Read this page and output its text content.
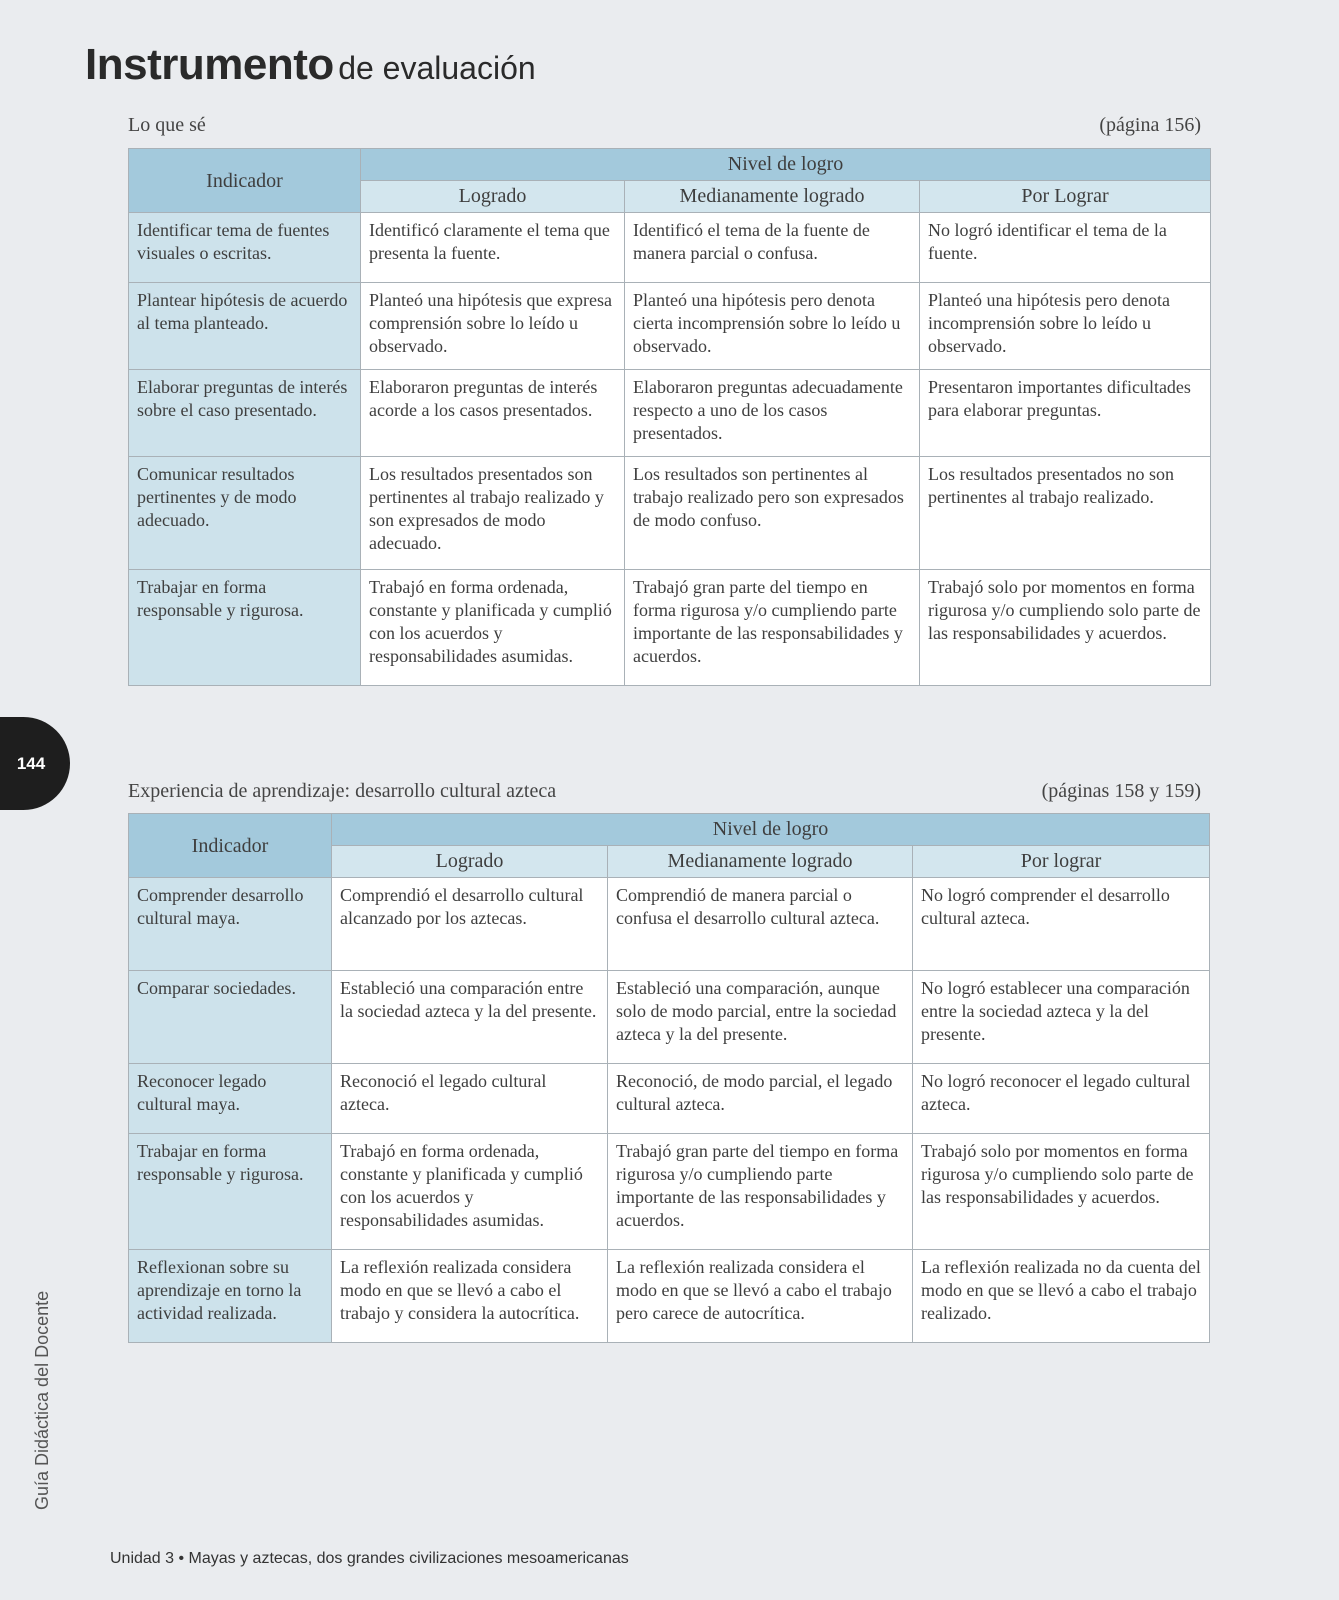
Instrumento de evaluación
Lo que sé	(página 156)
Indicador	Nivel de logro		
	Logrado	Medianamente logrado	Por Lograr
Identificar tema de fuentes visuales o escritas.	Identificó claramente el tema que presenta la fuente.	Identificó el tema de la fuente de manera parcial o confusa.	No logró identificar el tema de la fuente.
Plantear hipótesis de acuerdo al tema planteado.	Planteó una hipótesis que expresa comprensión sobre lo leído u observado.	Planteó una hipótesis pero denota cierta incomprensión sobre lo leído u observado.	Planteó una hipótesis pero denota incomprensión sobre lo leído u observado.
Elaborar preguntas de interés sobre el caso presentado.	Elaboraron preguntas de interés acorde a los casos presentados.	Elaboraron preguntas adecuadamente respecto a uno de los casos presentados.	Presentaron importantes dificultades para elaborar preguntas.
Comunicar resultados pertinentes y de modo adecuado.	Los resultados presentados son pertinentes al trabajo realizado y son expresados de modo adecuado.	Los resultados son pertinentes al trabajo realizado pero son expresados de modo confuso.	Los resultados presentados no son pertinentes al trabajo realizado.
Trabajar en forma responsable y rigurosa.	Trabajó en forma ordenada, constante y planificada y cumplió con los acuerdos y responsabilidades asumidas.	Trabajó gran parte del tiempo en forma rigurosa y/o cumpliendo parte importante de las responsabilidades y acuerdos.	Trabajó solo por momentos en forma rigurosa y/o cumpliendo solo parte de las responsabilidades y acuerdos.
144
Experiencia de aprendizaje: desarrollo cultural azteca	(páginas 158 y 159)
Indicador	Nivel de logro		
	Logrado	Medianamente logrado	Por lograr
Comprender desarrollo cultural maya.	Comprendió el desarrollo cultural alcanzado por los aztecas.	Comprendió de manera parcial o confusa el desarrollo cultural azteca.	No logró comprender el desarrollo cultural azteca.
Comparar sociedades.	Estableció una comparación entre la sociedad azteca y la del presente.	Estableció una comparación, aunque solo de modo parcial, entre la sociedad azteca y la del presente.	No logró establecer una comparación entre la sociedad azteca y la del presente.
Reconocer legado cultural maya.	Reconoció el legado cultural azteca.	Reconoció, de modo parcial, el legado cultural azteca.	No logró reconocer el legado cultural azteca.
Trabajar en forma responsable y rigurosa.	Trabajó en forma ordenada, constante y planificada y cumplió con los acuerdos y responsabilidades asumidas.	Trabajó gran parte del tiempo en forma rigurosa y/o cumpliendo parte importante de las responsabilidades y acuerdos.	Trabajó solo por momentos en forma rigurosa y/o cumpliendo solo parte de las responsabilidades y acuerdos.
Reflexionan sobre su aprendizaje en torno la actividad realizada.	La reflexión realizada considera modo en que se llevó a cabo el trabajo y considera la autocrítica.	La reflexión realizada considera el modo en que se llevó a cabo el trabajo pero carece de autocrítica.	La reflexión realizada no da cuenta del modo en que se llevó a cabo el trabajo realizado.
Guía Didáctica del Docente
Unidad 3 • Mayas y aztecas, dos grandes civilizaciones mesoamericanas
